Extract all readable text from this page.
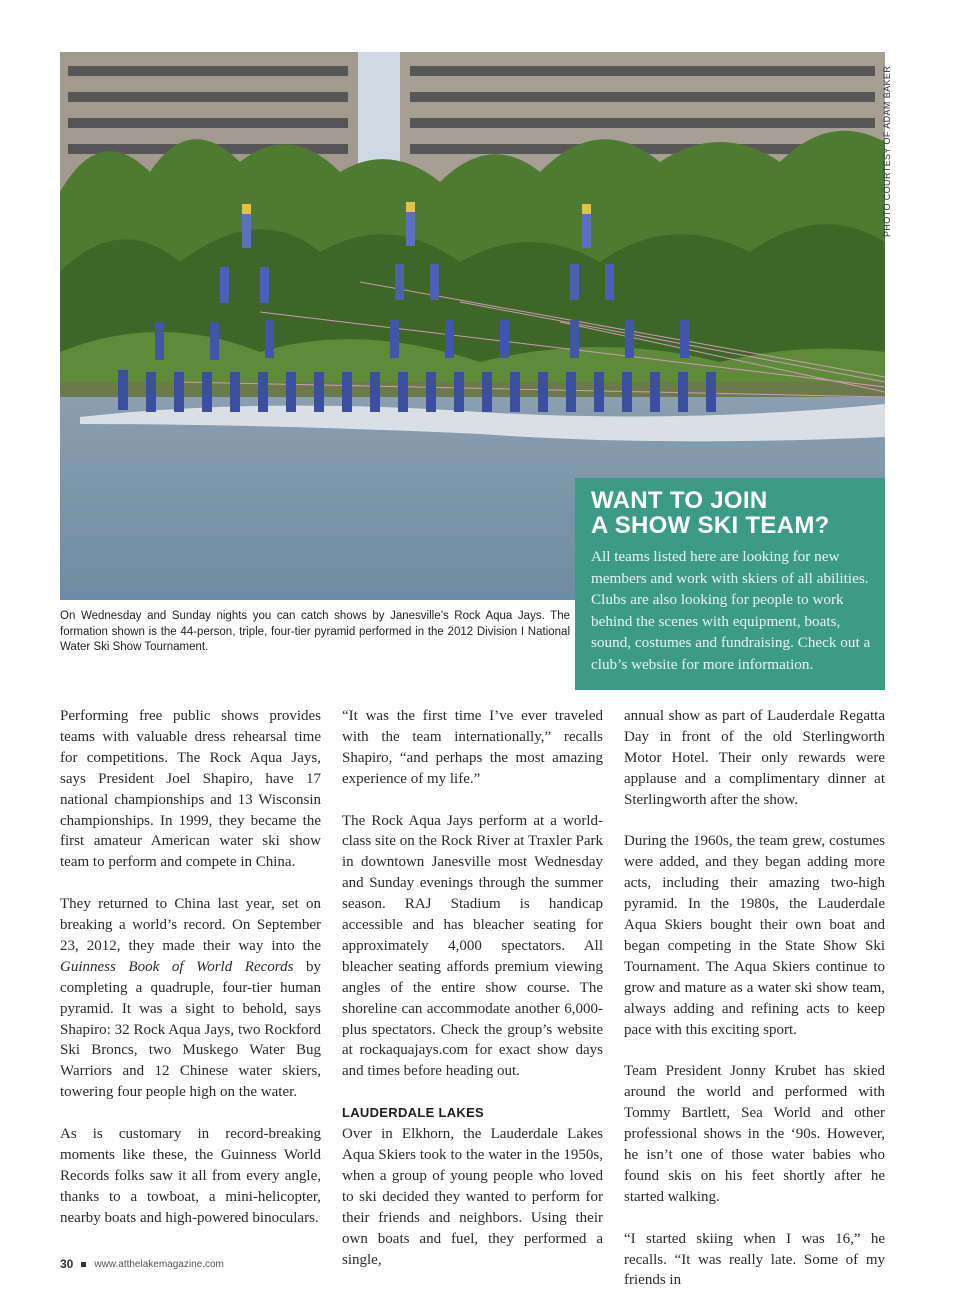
PHOTO COURTESY OF ADAM BAKER
On Wednesday and Sunday nights you can catch shows by Janesville’s Rock Aqua Jays. The formation shown is the 44-person, triple, four-tier pyramid performed in the 2012 Division I National Water Ski Show Tournament.
WANT TO JOIN
A SHOW SKI TEAM?
All teams listed here are looking for new members and work with skiers of all abilities. Clubs are also looking for people to work behind the scenes with equipment, boats, sound, costumes and fundraising. Check out a club’s website for more information.

Performing free public shows provides teams with valuable dress rehearsal time for competitions. The Rock Aqua Jays, says President Joel Shapiro, have 17 national championships and 13 Wisconsin championships. In 1999, they became the first amateur American water ski show team to perform and compete in China.

They returned to China last year, set on breaking a world’s record. On September 23, 2012, they made their way into the Guinness Book of World Records by completing a quadruple, four-tier human pyramid. It was a sight to behold, says Shapiro: 32 Rock Aqua Jays, two Rockford Ski Broncs, two Muskego Water Bug Warriors and 12 Chinese water skiers, towering four people high on the water.

As is customary in record-breaking moments like these, the Guinness World Records folks saw it all from every angle, thanks to a towboat, a mini-helicopter, nearby boats and high-powered binoculars.

“It was the first time I’ve ever traveled with the team internationally,” recalls Shapiro, “and perhaps the most amazing experience of my life.”

The Rock Aqua Jays perform at a world-class site on the Rock River at Traxler Park in downtown Janesville most Wednesday and Sunday evenings through the summer season. RAJ Stadium is handicap accessible and has bleacher seating for approximately 4,000 spectators. All bleacher seating affords premium viewing angles of the entire show course. The shoreline can accommodate another 6,000-plus spectators. Check the group’s website at rockaquajays.com for exact show days and times before heading out.

LAUDERDALE LAKES

Over in Elkhorn, the Lauderdale Lakes Aqua Skiers took to the water in the 1950s, when a group of young people who loved to ski decided they wanted to perform for their friends and neighbors. Using their own boats and fuel, they performed a single,

annual show as part of Lauderdale Regatta Day in front of the old Sterlingworth Motor Hotel. Their only rewards were applause and a complimentary dinner at Sterlingworth after the show.

During the 1960s, the team grew, costumes were added, and they began adding more acts, including their amazing two-high pyramid. In the 1980s, the Lauderdale Aqua Skiers bought their own boat and began competing in the State Show Ski Tournament. The Aqua Skiers continue to grow and mature as a water ski show team, always adding and refining acts to keep pace with this exciting sport.

Team President Jonny Krubet has skied around the world and performed with Tommy Bartlett, Sea World and other professional shows in the ‘90s. However, he isn’t one of those water babies who found skis on his feet shortly after he started walking.

“I started skiing when I was 16,” he recalls. “It was really late. Some of my friends in

30 www.atthelakemagazine.com
